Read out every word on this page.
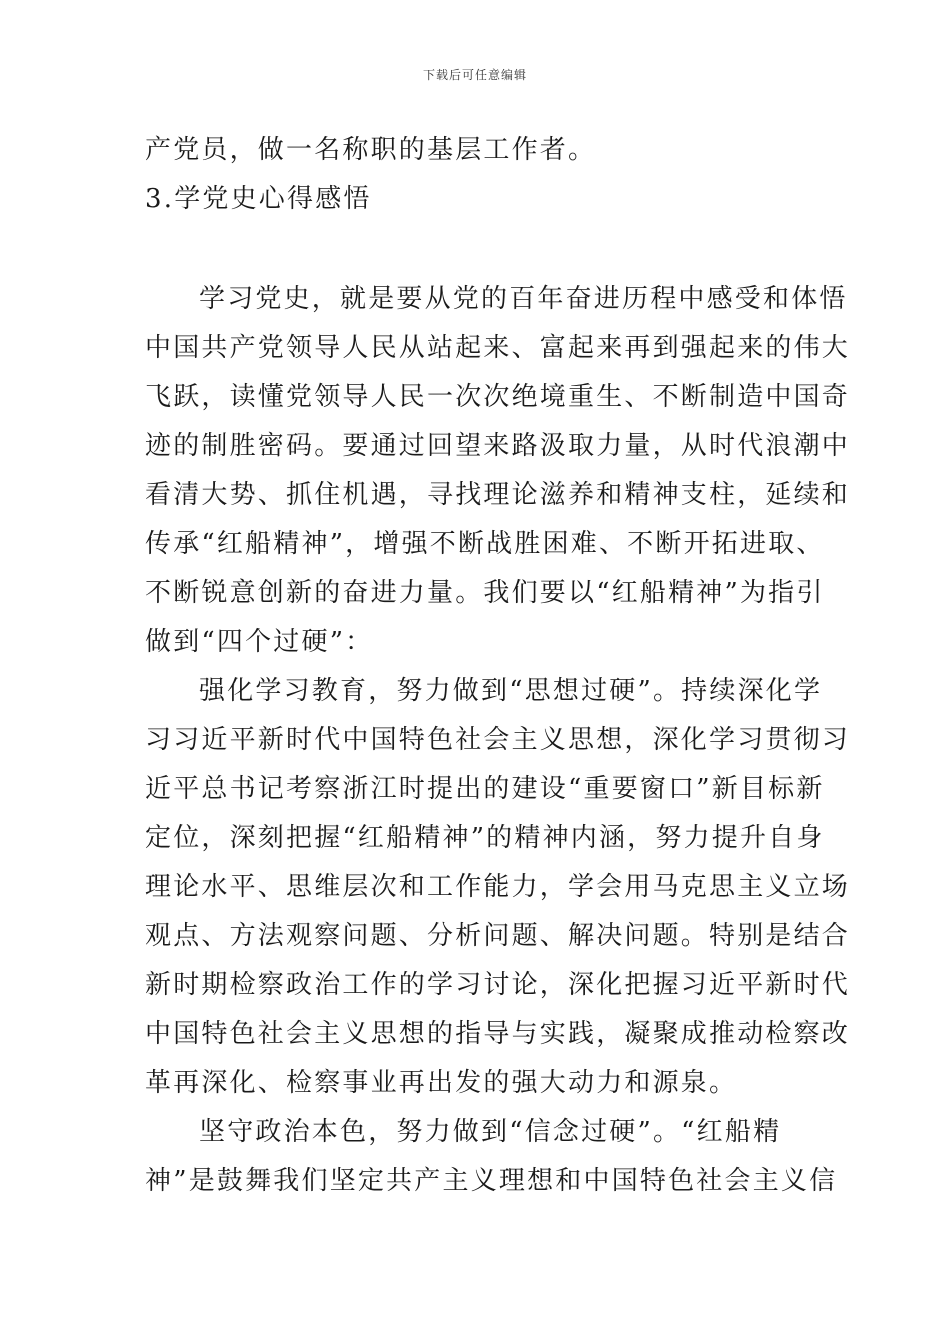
下载后可任意编辑
产党员，做一名称职的基层工作者。
3.学党史心得感悟
学习党史，就是要从党的百年奋进历程中感受和体悟
中国共产党领导人民从站起来、富起来再到强起来的伟大
飞跃，读懂党领导人民一次次绝境重生、不断制造中国奇
迹的制胜密码。要通过回望来路汲取力量，从时代浪潮中
看清大势、抓住机遇，寻找理论滋养和精神支柱，延续和
传承“红船精神”，增强不断战胜困难、不断开拓进取、
不断锐意创新的奋进力量。我们要以“红船精神”为指引
做到“四个过硬”：
强化学习教育，努力做到“思想过硬”。持续深化学
习习近平新时代中国特色社会主义思想，深化学习贯彻习
近平总书记考察浙江时提出的建设“重要窗口”新目标新
定位，深刻把握“红船精神”的精神内涵，努力提升自身
理论水平、思维层次和工作能力，学会用马克思主义立场
观点、方法观察问题、分析问题、解决问题。特别是结合
新时期检察政治工作的学习讨论，深化把握习近平新时代
中国特色社会主义思想的指导与实践，凝聚成推动检察改
革再深化、检察事业再出发的强大动力和源泉。
坚守政治本色，努力做到“信念过硬”。“红船精
神”是鼓舞我们坚定共产主义理想和中国特色社会主义信
